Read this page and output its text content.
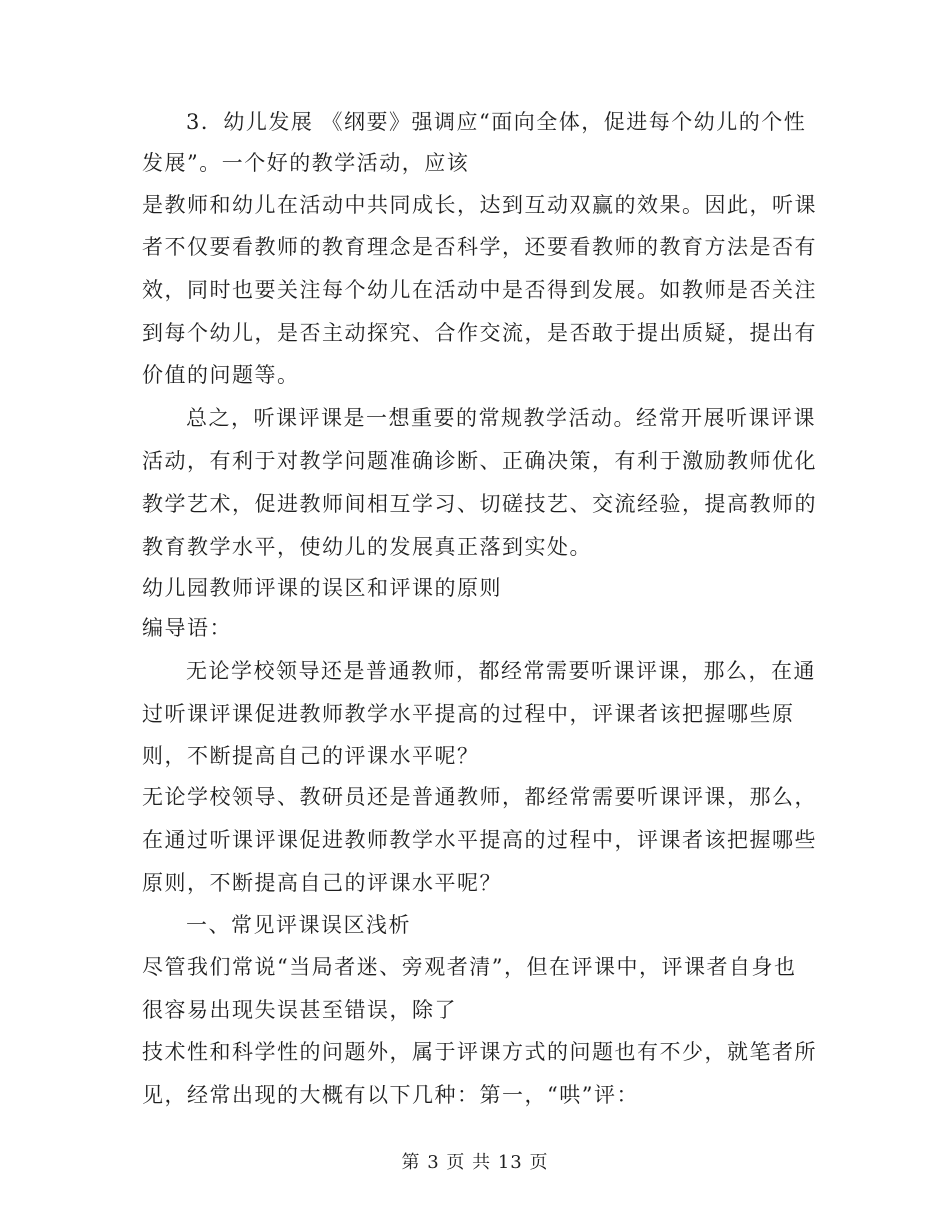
3．幼儿发展 《纲要》强调应“面向全体，促进每个幼儿的个性
发展”。一个好的教学活动，应该
是教师和幼儿在活动中共同成长，达到互动双赢的效果。因此，听课
者不仅要看教师的教育理念是否科学，还要看教师的教育方法是否有
效，同时也要关注每个幼儿在活动中是否得到发展。如教师是否关注
到每个幼儿，是否主动探究、合作交流，是否敢于提出质疑，提出有
价值的问题等。
总之，听课评课是一想重要的常规教学活动。经常开展听课评课
活动，有利于对教学问题准确诊断、正确决策，有利于激励教师优化
教学艺术，促进教师间相互学习、切磋技艺、交流经验，提高教师的
教育教学水平，使幼儿的发展真正落到实处。
幼儿园教师评课的误区和评课的原则
编导语：
无论学校领导还是普通教师，都经常需要听课评课，那么，在通
过听课评课促进教师教学水平提高的过程中，评课者该把握哪些原
则，不断提高自己的评课水平呢？
无论学校领导、教研员还是普通教师，都经常需要听课评课，那么，
在通过听课评课促进教师教学水平提高的过程中，评课者该把握哪些
原则，不断提高自己的评课水平呢？
一、常见评课误区浅析
尽管我们常说“当局者迷、旁观者清”，但在评课中，评课者自身也
很容易出现失误甚至错误，除了
技术性和科学性的问题外，属于评课方式的问题也有不少，就笔者所
见，经常出现的大概有以下几种：第一，“哄”评：
第 3 页 共 13 页
